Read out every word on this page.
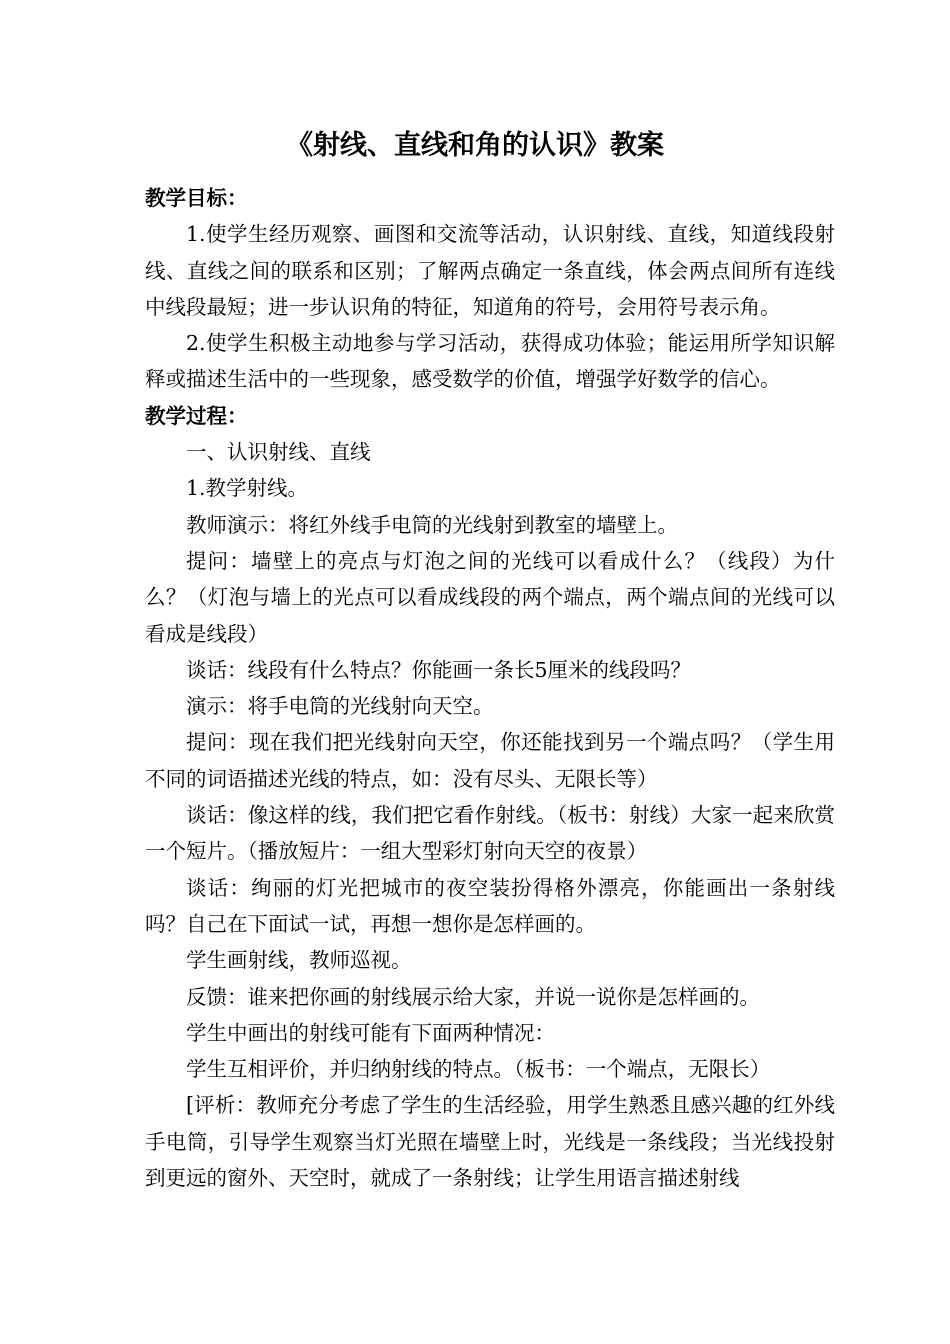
《射线、直线和角的认识》教案
教学目标：

1.使学生经历观察、画图和交流等活动，认识射线、直线，知道线段射线、直线之间的联系和区别；了解两点确定一条直线，体会两点间所有连线中线段最短；进一步认识角的特征，知道角的符号，会用符号表示角。

2.使学生积极主动地参与学习活动，获得成功体验；能运用所学知识解释或描述生活中的一些现象，感受数学的价值，增强学好数学的信心。

教学过程：

一、认识射线、直线

1.教学射线。

教师演示：将红外线手电筒的光线射到教室的墙壁上。

提问：墙壁上的亮点与灯泡之间的光线可以看成什么？（线段）为什么？（灯泡与墙上的光点可以看成线段的两个端点，两个端点间的光线可以看成是线段）

谈话：线段有什么特点？你能画一条长5厘米的线段吗？

演示：将手电筒的光线射向天空。

提问：现在我们把光线射向天空，你还能找到另一个端点吗？（学生用不同的词语描述光线的特点，如：没有尽头、无限长等）

谈话：像这样的线，我们把它看作射线。（板书：射线）大家一起来欣赏一个短片。（播放短片：一组大型彩灯射向天空的夜景）

谈话：绚丽的灯光把城市的夜空装扮得格外漂亮，你能画出一条射线吗？自己在下面试一试，再想一想你是怎样画的。

学生画射线，教师巡视。

反馈：谁来把你画的射线展示给大家，并说一说你是怎样画的。

学生中画出的射线可能有下面两种情况：

学生互相评价，并归纳射线的特点。（板书：一个端点，无限长）

[评析：教师充分考虑了学生的生活经验，用学生熟悉且感兴趣的红外线手电筒，引导学生观察当灯光照在墙壁上时，光线是一条线段；当光线投射到更远的窗外、天空时，就成了一条射线；让学生用语言描述射线
